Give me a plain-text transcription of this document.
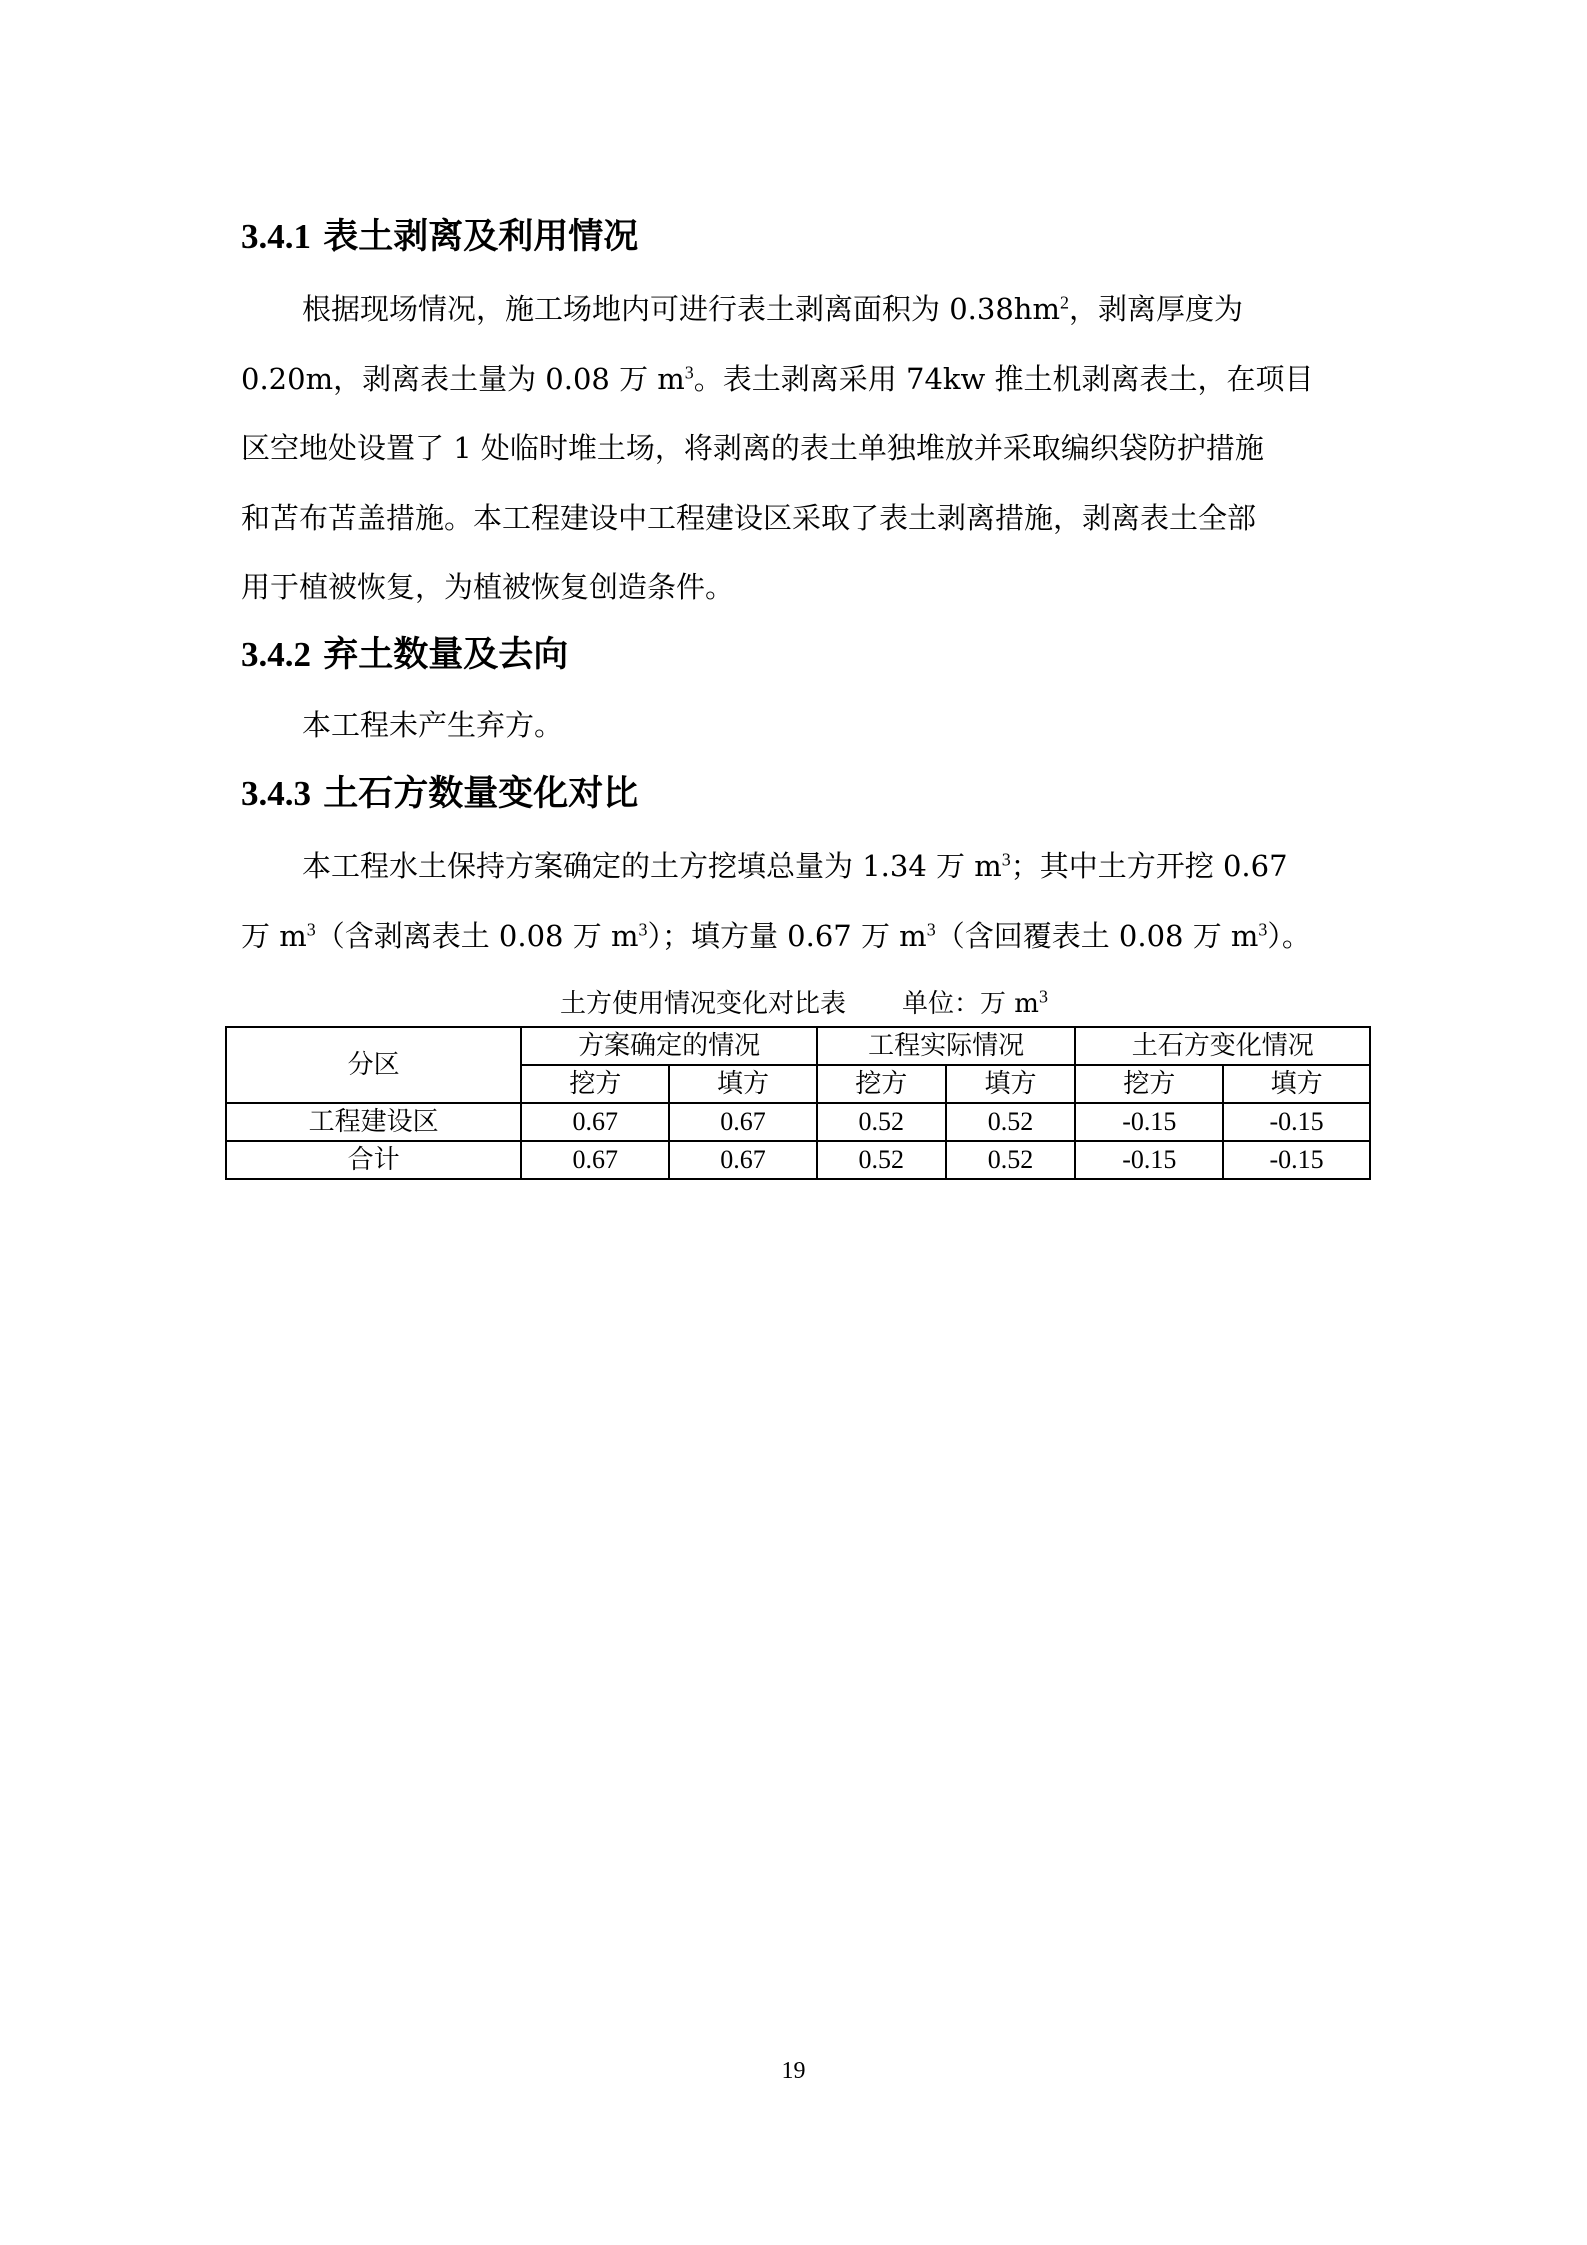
3.4.1 表土剥离及利用情况
根据现场情况，施工场地内可进行表土剥离面积为 $0.38hm^2$，剥离厚度为
0.20m，剥离表土量为 0.08 万 $m^3$。表土剥离采用 74kw 推土机剥离表土，在项目
区空地处设置了 1 处临时堆土场，将剥离的表土单独堆放并采取编织袋防护措施
和苫布苫盖措施。本工程建设中工程建设区采取了表土剥离措施，剥离表土全部
用于植被恢复，为植被恢复创造条件。
3.4.2 弃土数量及去向
本工程未产生弃方。
3.4.3 土石方数量变化对比
本工程水土保持方案确定的土方挖填总量为 1.34 万 $m^3$；其中土方开挖 0.67
万 $m^3$（含剥离表土 0.08 万 $m^3$）；填方量 0.67 万 $m^3$（含回覆表土 0.08 万 $m^3$）。
土方使用情况变化对比表 单位：万 $m^3$
分区	方案确定的情况		工程实际情况		土石方变化情况	
	挖方	填方	挖方	填方	挖方	填方
工程建设区	0.67	0.67	0.52	0.52	-0.15	-0.15
合计	0.67	0.67	0.52	0.52	-0.15	-0.15
19
